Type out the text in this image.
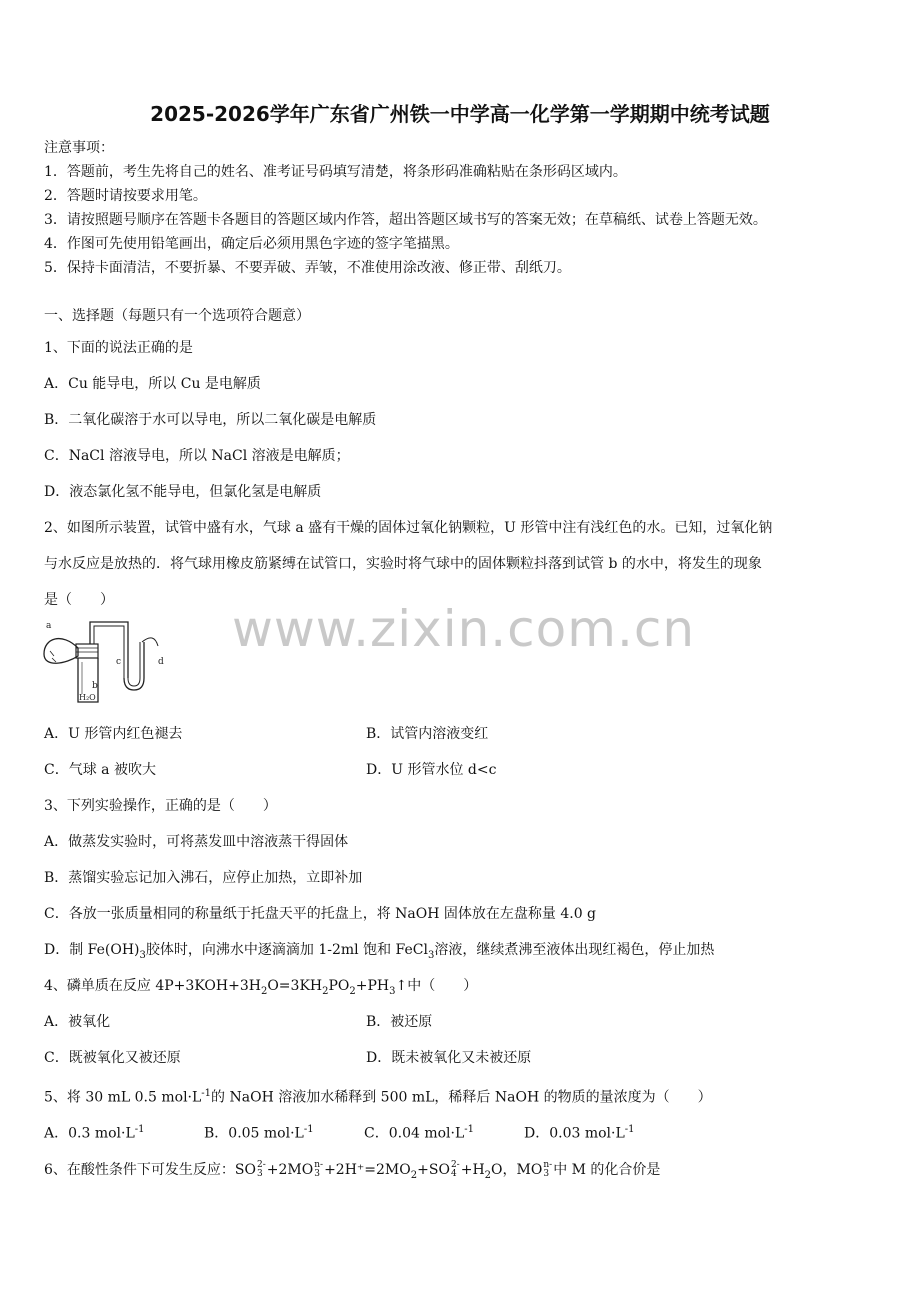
2025-2026学年广东省广州铁一中学高一化学第一学期期中统考试题
注意事项：
1．答题前，考生先将自己的姓名、准考证号码填写清楚，将条形码准确粘贴在条形码区域内。
2．答题时请按要求用笔。
3．请按照题号顺序在答题卡各题目的答题区域内作答，超出答题区域书写的答案无效；在草稿纸、试卷上答题无效。
4．作图可先使用铅笔画出，确定后必须用黑色字迹的签字笔描黑。
5．保持卡面清洁，不要折暴、不要弄破、弄皱，不准使用涂改液、修正带、刮纸刀。
一、选择题（每题只有一个选项符合题意）
1、下面的说法正确的是
A．Cu 能导电，所以 Cu 是电解质
B．二氧化碳溶于水可以导电，所以二氧化碳是电解质
C．NaCl 溶液导电，所以 NaCl 溶液是电解质；
D．液态氯化氢不能导电，但氯化氢是电解质
2、如图所示装置，试管中盛有水，气球 a 盛有干燥的固体过氧化钠颗粒，U 形管中注有浅红色的水。已知，过氧化钠
与水反应是放热的．将气球用橡皮筋紧缚在试管口，实验时将气球中的固体颗粒抖落到试管 b 的水中，将发生的现象
是（　　）
a
b
c	d
H₂O
A．U 形管内红色褪去	B．试管内溶液变红
C．气球 a 被吹大	D．U 形管水位 d<c
3、下列实验操作，正确的是（　　）
A．做蒸发实验时，可将蒸发皿中溶液蒸干得固体
B．蒸馏实验忘记加入沸石，应停止加热，立即补加
C．各放一张质量相同的称量纸于托盘天平的托盘上，将 NaOH 固体放在左盘称量 4.0 g
D．制 $Fe(OH)_3$胶体时，向沸水中逐滴滴加 1-2ml 饱和 FeCl$_3$溶液，继续煮沸至液体出现红褐色，停止加热
4、磷单质在反应 $4P+3KOH+3H_2O=3KH_2PO_2+PH_3↑$中（　　）
A．被氧化	B．被还原
C．既被氧化又被还原	D．既未被氧化又未被还原
5、将 30 mL 0.5 $mol\cdot L^{-1}$的 NaOH 溶液加水稀释到 500 mL，稀释后 NaOH 的物质的量浓度为（　　）
A．0.3 $mol\cdot L^{-1}$	B．0.05 $mol\cdot L^{-1}$	C．0.04 $mol\cdot L^{-1}$	D．0.03 $mol\cdot L^{-1}$
6、在酸性条件下可发生反应：SO 2-
3 +2MO n-
$3 +2H^+=2MO_2+SO$ 2-
$4 +H_2O$，MO n-
3 中 M 的化合价是
www.zixin.com.cn
